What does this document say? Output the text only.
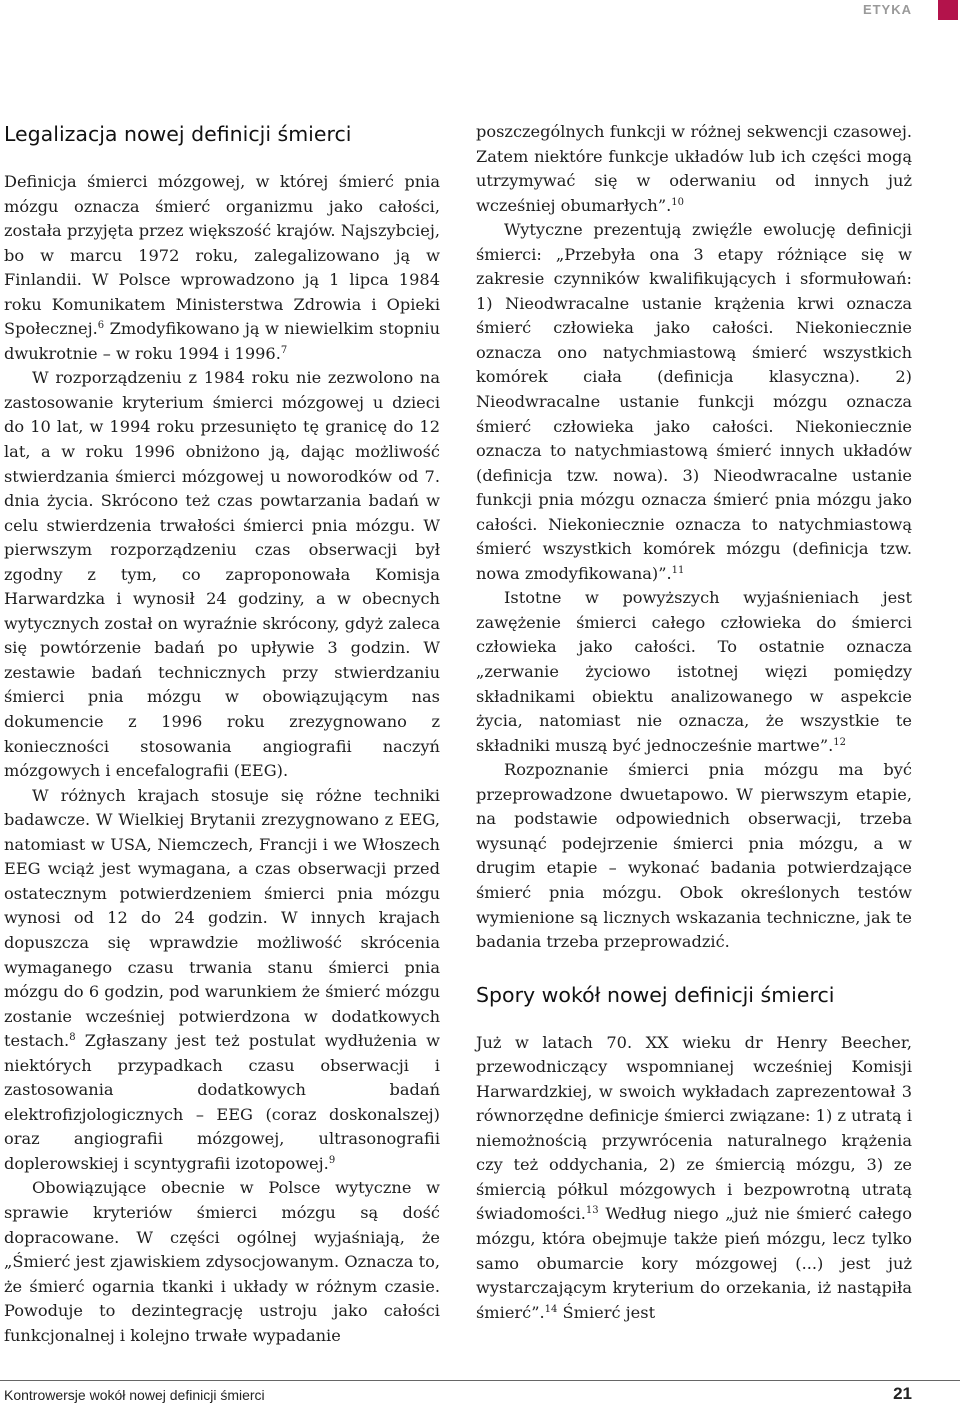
ETYKA
Legalizacja nowej definicji śmierci

Definicja śmierci mózgowej, w której śmierć pnia mózgu oznacza śmierć organizmu jako całości, została przyjęta przez większość krajów. Najszybciej, bo w marcu 1972 roku, zalegalizowano ją w Finlandii. W Polsce wprowadzono ją 1 lipca 1984 roku Komunikatem Ministerstwa Zdrowia i Opieki Społecznej.$^6$ Zmodyfikowano ją w niewielkim stopniu dwukrotnie – w roku 1994 i 1996.$^7$

W rozporządzeniu z 1984 roku nie zezwolono na zastosowanie kryterium śmierci mózgowej u dzieci do 10 lat, w 1994 roku przesunięto tę granicę do 12 lat, a w roku 1996 obniżono ją, dając możliwość stwierdzania śmierci mózgowej u noworodków od 7. dnia życia. Skrócono też czas powtarzania badań w celu stwierdzenia trwałości śmierci pnia mózgu. W pierwszym rozporządzeniu czas obserwacji był zgodny z tym, co zaproponowała Komisja Harwardzka i wynosił 24 godziny, a w obecnych wytycznych został on wyraźnie skrócony, gdyż zaleca się powtórzenie badań po upływie 3 godzin. W zestawie badań technicznych przy stwierdzaniu śmierci pnia mózgu w obowiązującym nas dokumencie z 1996 roku zrezygnowano z konieczności stosowania angiografii naczyń mózgowych i encefalografii (EEG).

W różnych krajach stosuje się różne techniki badawcze. W Wielkiej Brytanii zrezygnowano z EEG, natomiast w USA, Niemczech, Francji i we Włoszech EEG wciąż jest wymagana, a czas obserwacji przed ostatecznym potwierdzeniem śmierci pnia mózgu wynosi od 12 do 24 godzin. W innych krajach dopuszcza się wprawdzie możliwość skrócenia wymaganego czasu trwania stanu śmierci pnia mózgu do 6 godzin, pod warunkiem że śmierć mózgu zostanie wcześniej potwierdzona w dodatkowych testach.$^8$ Zgłaszany jest też postulat wydłużenia w niektórych przypadkach czasu obserwacji i zastosowania dodatkowych badań elektrofizjologicznych – EEG (coraz doskonalszej) oraz angiografii mózgowej, ultrasonografii doplerowskiej i scyntygrafii izotopowej.$^9$

Obowiązujące obecnie w Polsce wytyczne w sprawie kryteriów śmierci mózgu są dość dopracowane. W części ogólnej wyjaśniają, że „Śmierć jest zjawiskiem zdysocjowanym. Oznacza to, że śmierć ogarnia tkanki i układy w różnym czasie. Powoduje to dezintegrację ustroju jako całości funkcjonalnej i kolejno trwałe wypadanie

poszczególnych funkcji w różnej sekwencji czasowej. Zatem niektóre funkcje układów lub ich części mogą utrzymywać się w oderwaniu od innych już wcześniej obumarłych”.$^{10}$

Wytyczne prezentują zwięźle ewolucję definicji śmierci: „Przebyła ona 3 etapy różniące się w zakresie czynników kwalifikujących i sformułowań: 1) Nieodwracalne ustanie krążenia krwi oznacza śmierć człowieka jako całości. Niekoniecznie oznacza ono natychmiastową śmierć wszystkich komórek ciała (definicja klasyczna). 2) Nieodwracalne ustanie funkcji mózgu oznacza śmierć człowieka jako całości. Niekoniecznie oznacza to natychmiastową śmierć innych układów (definicja tzw. nowa). 3) Nieodwracalne ustanie funkcji pnia mózgu oznacza śmierć pnia mózgu jako całości. Niekoniecznie oznacza to natychmiastową śmierć wszystkich komórek mózgu (definicja tzw. nowa zmodyfikowana)”.$^{11}$

Istotne w powyższych wyjaśnieniach jest zawężenie śmierci całego człowieka do śmierci człowieka jako całości. To ostatnie oznacza „zerwanie życiowo istotnej więzi pomiędzy składnikami obiektu analizowanego w aspekcie życia, natomiast nie oznacza, że wszystkie te składniki muszą być jednocześnie martwe”.$^{12}$

Rozpoznanie śmierci pnia mózgu ma być przeprowadzone dwuetapowo. W pierwszym etapie, na podstawie odpowiednich obserwacji, trzeba wysunąć podejrzenie śmierci pnia mózgu, a w drugim etapie – wykonać badania potwierdzające śmierć pnia mózgu. Obok określonych testów wymienione są licznych wskazania techniczne, jak te badania trzeba przeprowadzić.

Spory wokół nowej definicji śmierci

Już w latach 70. XX wieku dr Henry Beecher, przewodniczący wspomnianej wcześniej Komisji Harwardzkiej, w swoich wykładach zaprezentował 3 równorzędne definicje śmierci związane: 1) z utratą i niemożnością przywrócenia naturalnego krążenia czy też oddychania, 2) ze śmiercią mózgu, 3) ze śmiercią półkul mózgowych i bezpowrotną utratą świadomości.$^{13}$ Według niego „już nie śmierć całego mózgu, która obejmuje także pień mózgu, lecz tylko samo obumarcie kory mózgowej (...) jest już wystarczającym kryterium do orzekania, iż nastąpiła śmierć”.$^{14}$ Śmierć jest

Kontrowersje wokół nowej definicji śmierci	21
